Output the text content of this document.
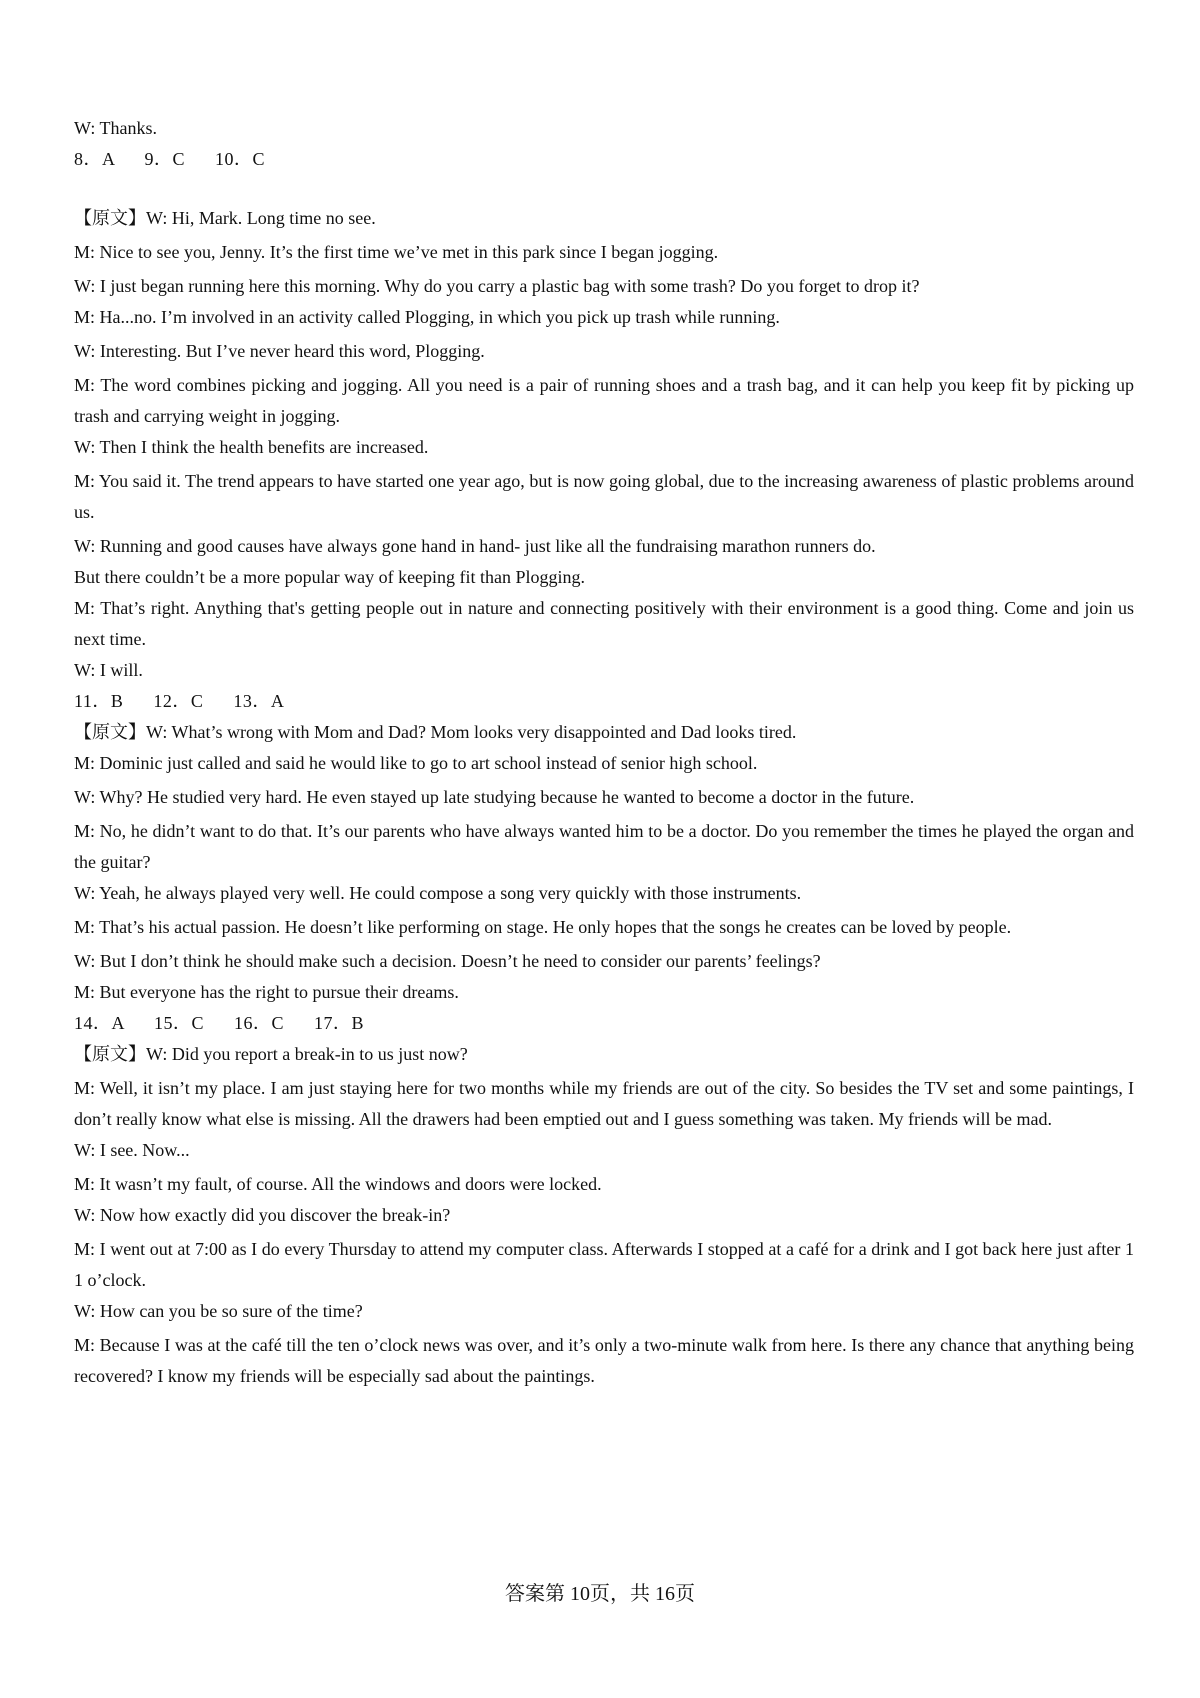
W: Thanks.

8．A      9．C      10．C

【原文】W: Hi, Mark. Long time no see.

M: Nice to see you, Jenny. It’s the first time we’ve met in this park since I began jogging.

W: I just began running here this morning. Why do you carry a plastic bag with some trash? Do you forget to drop it?

M: Ha...no. I’m involved in an activity called Plogging, in which you pick up trash while running.

W: Interesting. But I’ve never heard this word, Plogging.

M: The word combines picking and jogging. All you need is a pair of running shoes and a trash bag, and it can help you keep fit by picking up trash and carrying weight in jogging.

W: Then I think the health benefits are increased.

M: You said it. The trend appears to have started one year ago, but is now going global, due to the increasing awareness of plastic problems around us.

W: Running and good causes have always gone hand in hand- just like all the fundraising marathon runners do.

But there couldn’t be a more popular way of keeping fit than Plogging.

M: That’s right. Anything that's getting people out in nature and connecting positively with their environment is a good thing. Come and join us next time.

W: I will.

11．B      12．C      13．A

【原文】W: What’s wrong with Mom and Dad? Mom looks very disappointed and Dad looks tired.

M: Dominic just called and said he would like to go to art school instead of senior high school.

W: Why? He studied very hard. He even stayed up late studying because he wanted to become a doctor in the future.

M: No, he didn’t want to do that. It’s our parents who have always wanted him to be a doctor. Do you remember the times he played the organ and the guitar?

W: Yeah, he always played very well. He could compose a song very quickly with those instruments.

M: That’s his actual passion. He doesn’t like performing on stage. He only hopes that the songs he creates can be loved by people.

W: But I don’t think he should make such a decision. Doesn’t he need to consider our parents’ feelings?

M: But everyone has the right to pursue their dreams.

14．A      15．C      16．C      17．B

【原文】W: Did you report a break-in to us just now?

M: Well, it isn’t my place. I am just staying here for two months while my friends are out of the city. So besides the TV set and some paintings, I don’t really know what else is missing. All the drawers had been emptied out and I guess something was taken. My friends will be mad.

W: I see. Now...

M: It wasn’t my fault, of course. All the windows and doors were locked.

W: Now how exactly did you discover the break-in?

M: I went out at 7:00 as I do every Thursday to attend my computer class. Afterwards I stopped at a café for a drink and I got back here just after 1 1 o’clock.

W: How can you be so sure of the time?

M: Because I was at the café till the ten o’clock news was over, and it’s only a two-minute walk from here. Is there any chance that anything being recovered? I know my friends will be especially sad about the paintings.

答案第 10页，共 16页
